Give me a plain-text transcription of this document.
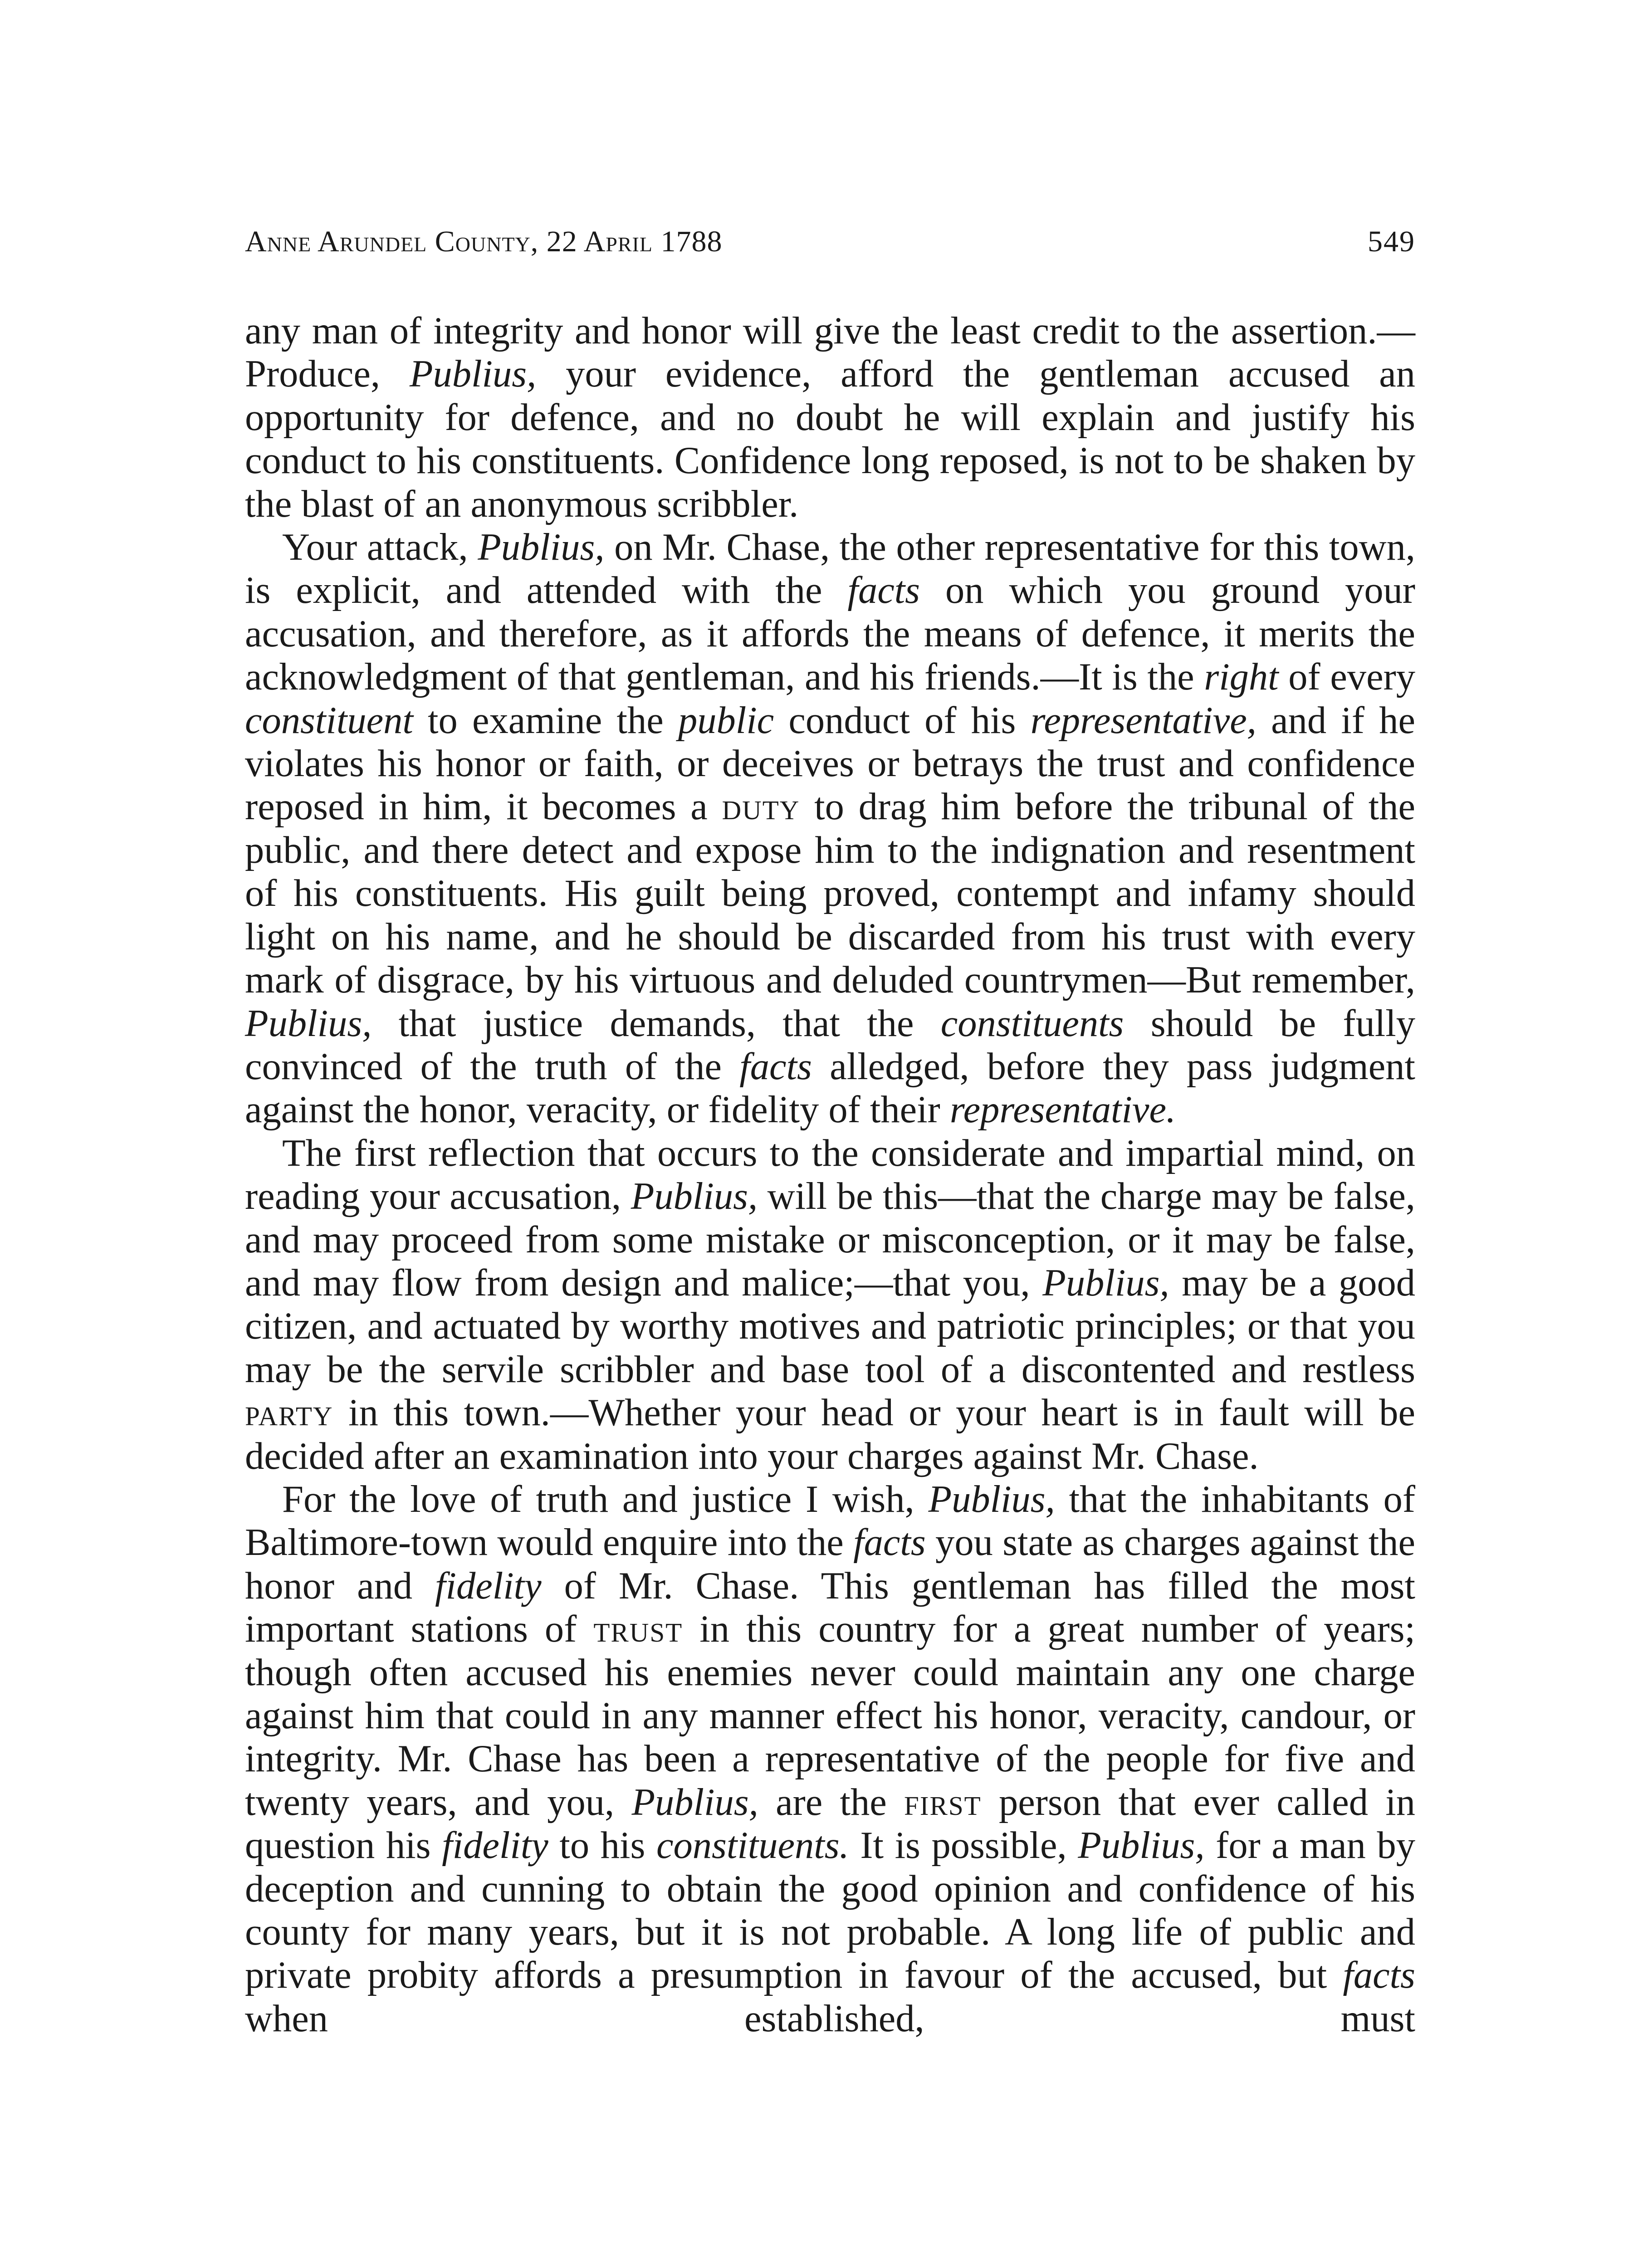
Anne Arundel County, 22 April 1788	549

any man of integrity and honor will give the least credit to the assertion.—Produce, Publius, your evidence, afford the gentleman accused an opportunity for defence, and no doubt he will explain and justify his conduct to his constituents. Confidence long reposed, is not to be shaken by the blast of an anonymous scribbler.

Your attack, Publius, on Mr. Chase, the other representative for this town, is explicit, and attended with the facts on which you ground your accusation, and therefore, as it affords the means of defence, it merits the acknowledgment of that gentleman, and his friends.—It is the right of every constituent to examine the public conduct of his representative, and if he violates his honor or faith, or deceives or betrays the trust and confidence reposed in him, it becomes a duty to drag him before the tribunal of the public, and there detect and expose him to the indignation and resentment of his constituents. His guilt being proved, contempt and infamy should light on his name, and he should be discarded from his trust with every mark of disgrace, by his virtuous and deluded countrymen—But remember, Publius, that justice demands, that the constituents should be fully convinced of the truth of the facts alledged, before they pass judgment against the honor, veracity, or fidelity of their representative.

The first reflection that occurs to the considerate and impartial mind, on reading your accusation, Publius, will be this—that the charge may be false, and may proceed from some mistake or misconception, or it may be false, and may flow from design and malice;—that you, Publius, may be a good citizen, and actuated by worthy motives and patriotic principles; or that you may be the servile scribbler and base tool of a discontented and restless party in this town.—Whether your head or your heart is in fault will be decided after an examination into your charges against Mr. Chase.

For the love of truth and justice I wish, Publius, that the inhabitants of Baltimore-town would enquire into the facts you state as charges against the honor and fidelity of Mr. Chase. This gentleman has filled the most important stations of trust in this country for a great number of years; though often accused his enemies never could maintain any one charge against him that could in any manner effect his honor, veracity, candour, or integrity. Mr. Chase has been a representative of the people for five and twenty years, and you, Publius, are the first person that ever called in question his fidelity to his constituents. It is possible, Publius, for a man by deception and cunning to obtain the good opinion and confidence of his county for many years, but it is not probable. A long life of public and private probity affords a presumption in favour of the accused, but facts when established, must
